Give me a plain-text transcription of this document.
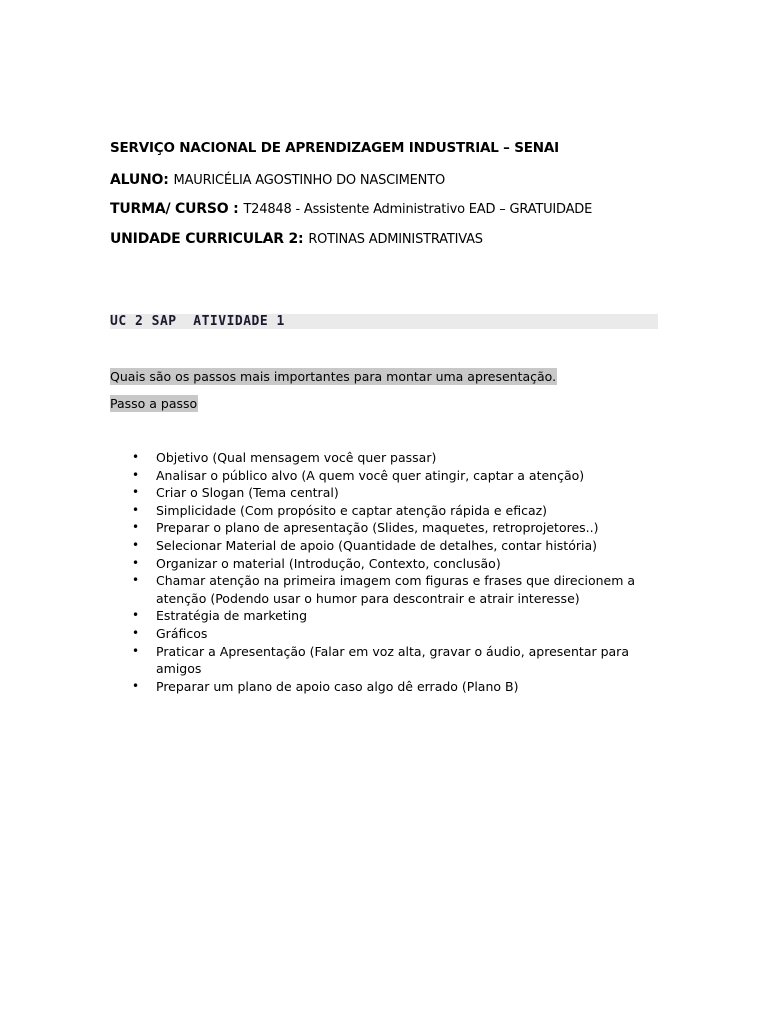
SERVIÇO NACIONAL DE APRENDIZAGEM INDUSTRIAL – SENAI
ALUNO: MAURICÉLIA AGOSTINHO DO NASCIMENTO
TURMA/ CURSO : T24848 - Assistente Administrativo EAD – GRATUIDADE
UNIDADE CURRICULAR 2: ROTINAS ADMINISTRATIVAS
UC 2 SAP  ATIVIDADE 1
Quais são os passos mais importantes para montar uma apresentação.
Passo a passo
• Objetivo (Qual mensagem você quer passar)
• Analisar o público alvo (A quem você quer atingir, captar a atenção)
• Criar o Slogan (Tema central)
• Simplicidade (Com propósito e captar atenção rápida e eficaz)
• Preparar o plano de apresentação (Slides, maquetes, retroprojetores..)
• Selecionar Material de apoio (Quantidade de detalhes, contar história)
• Organizar o material (Introdução, Contexto, conclusão)
• Chamar atenção na primeira imagem com figuras e frases que direcionem a atenção (Podendo usar o humor para descontrair e atrair interesse)
• Estratégia de marketing
• Gráficos
• Praticar a Apresentação (Falar em voz alta, gravar o áudio, apresentar para amigos
• Preparar um plano de apoio caso algo dê errado (Plano B)
